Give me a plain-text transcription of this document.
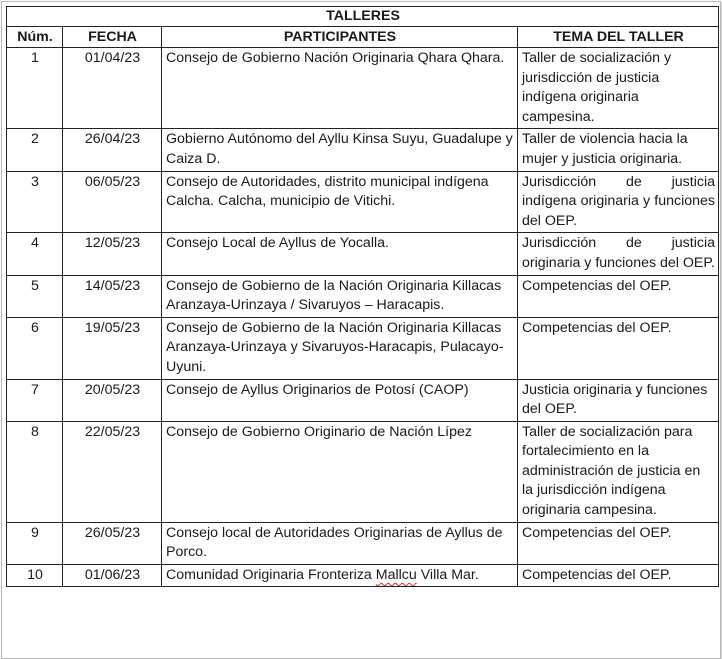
TALLERES			
Núm.	FECHA	PARTICIPANTES	TEMA DEL TALLER
1	01/04/23	Consejo de Gobierno Nación Originaria Qhara Qhara.	Taller de socialización y jurisdicción de justicia indígena originaria campesina.
2	26/04/23	Gobierno Autónomo del Ayllu Kinsa Suyu, Guadalupe y Caiza D.	Taller de violencia hacia la mujer y justicia originaria.
3	06/05/23	Consejo de Autoridades, distrito municipal indígena Calcha. Calcha, municipio de Vitichi.	Jurisdicción de justicia indígena originaria y funciones del OEP.
4	12/05/23	Consejo Local de Ayllus de Yocalla.	Jurisdicción de justicia originaria y funciones del OEP.
5	14/05/23	Consejo de Gobierno de la Nación Originaria Killacas Aranzaya-Urinzaya / Sivaruyos – Haracapis.	Competencias del OEP.
6	19/05/23	Consejo de Gobierno de la Nación Originaria Killacas Aranzaya-Urinzaya y Sivaruyos-Haracapis, Pulacayo-Uyuni.	Competencias del OEP.
7	20/05/23	Consejo de Ayllus Originarios de Potosí (CAOP)	Justicia originaria y funciones del OEP.
8	22/05/23	Consejo de Gobierno Originario de Nación Lípez	Taller de socialización para fortalecimiento en la administración de justicia en la jurisdicción indígena originaria campesina.
9	26/05/23	Consejo local de Autoridades Originarias de Ayllus de Porco.	Competencias del OEP.
10	01/06/23	Comunidad Originaria Fronteriza Mallcu Villa Mar.	Competencias del OEP.
